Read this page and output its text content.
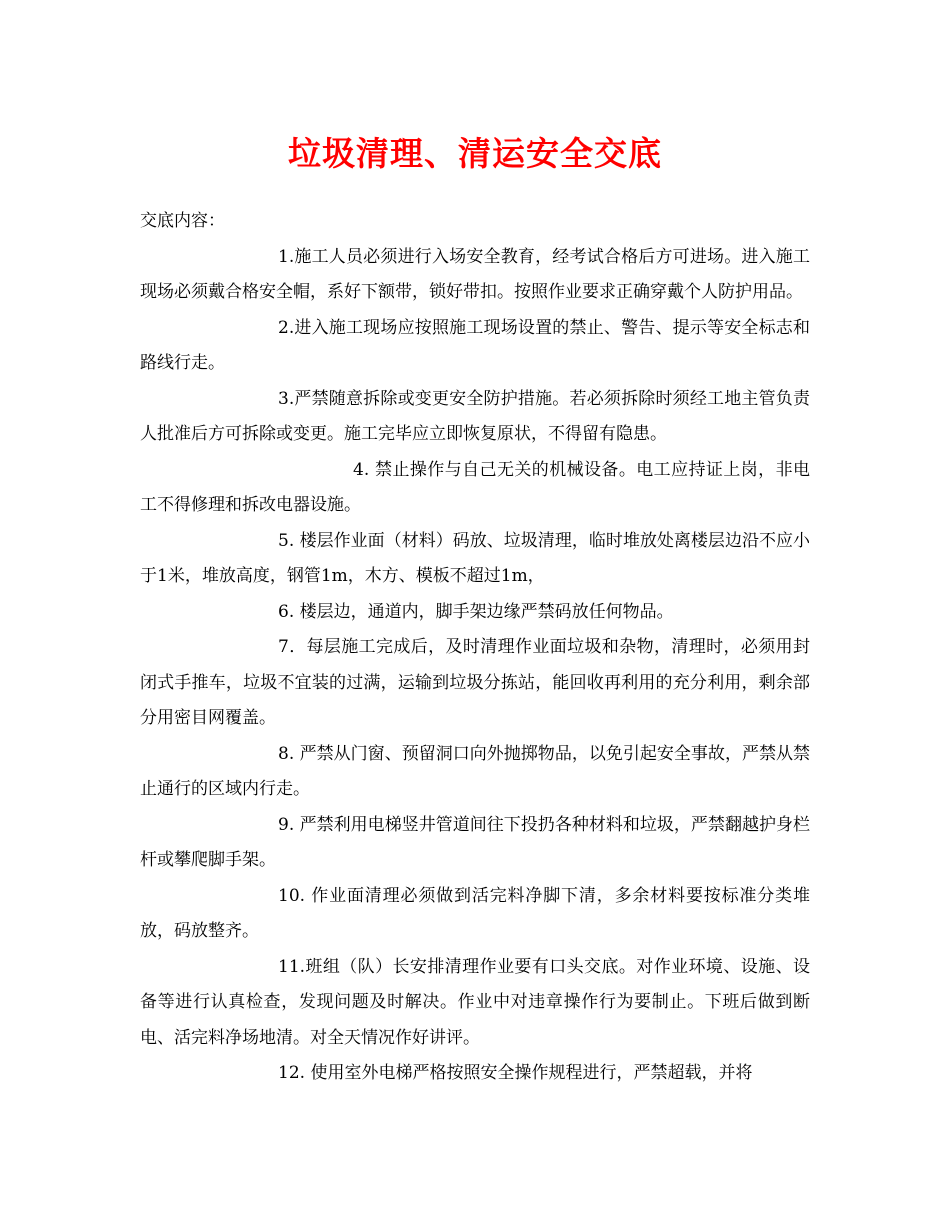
垃圾清理、清运安全交底

交底内容：

1.施工人员必须进行入场安全教育，经考试合格后方可进场。进入施工现场必须戴合格安全帽，系好下额带，锁好带扣。按照作业要求正确穿戴个人防护用品。

2.进入施工现场应按照施工现场设置的禁止、警告、提示等安全标志和路线行走。

3.严禁随意拆除或变更安全防护措施。若必须拆除时须经工地主管负责人批准后方可拆除或变更。施工完毕应立即恢复原状，不得留有隐患。

4. 禁止操作与自己无关的机械设备。电工应持证上岗，非电工不得修理和拆改电器设施。

5. 楼层作业面（材料）码放、垃圾清理，临时堆放处离楼层边沿不应小于1米，堆放高度，钢管1m，木方、模板不超过1m，

6. 楼层边，通道内，脚手架边缘严禁码放任何物品。

7．每层施工完成后，及时清理作业面垃圾和杂物，清理时，必须用封闭式手推车，垃圾不宜装的过满，运输到垃圾分拣站，能回收再利用的充分利用，剩余部分用密目网覆盖。

8. 严禁从门窗、预留洞口向外抛掷物品，以免引起安全事故，严禁从禁止通行的区域内行走。

9. 严禁利用电梯竖井管道间往下投扔各种材料和垃圾，严禁翻越护身栏杆或攀爬脚手架。

10. 作业面清理必须做到活完料净脚下清，多余材料要按标准分类堆放，码放整齐。

11.班组（队）长安排清理作业要有口头交底。对作业环境、设施、设备等进行认真检查，发现问题及时解决。作业中对违章操作行为要制止。下班后做到断电、活完料净场地清。对全天情况作好讲评。

12. 使用室外电梯严格按照安全操作规程进行，严禁超载，并将
